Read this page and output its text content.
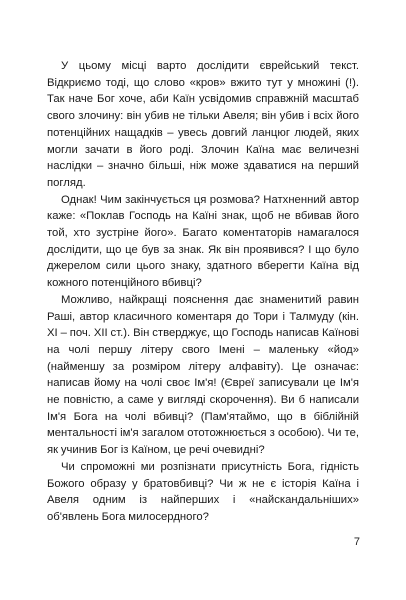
У цьому місці варто дослідити єврейський текст. Відкриємо тоді, що слово «кров» вжито тут у множині (!). Так наче Бог хоче, аби Каїн усвідомив справжній масштаб свого злочину: він убив не тільки Авеля; він убив і всіх його потенційних нащадків – увесь довгий ланцюг людей, яких могли зачати в його роді. Злочин Каїна має величезні наслідки – значно більші, ніж може здаватися на перший погляд.

Однак! Чим закінчується ця розмова? Натхненний автор каже: «Поклав Господь на Каїні знак, щоб не вбивав його той, хто зустріне його». Багато коментаторів намагалося дослідити, що це був за знак. Як він проявився? І що було джерелом сили цього знаку, здатного вберегти Каїна від кожного потенційного вбивці?

Можливо, найкращі пояснення дає знаменитий равин Раші, автор класичного коментаря до Тори і Талмуду (кін. XI – поч. XII ст.). Він стверджує, що Господь написав Каїнові на чолі першу літеру свого Імені – маленьку «йод» (найменшу за розміром літеру алфавіту). Це означає: написав йому на чолі своє Ім'я! (Євреї записували це Ім'я не повністю, а саме у вигляді скорочення). Ви б написали Ім'я Бога на чолі вбивці? (Пам'ятаймо, що в біблійній ментальності ім'я загалом ототожнюється з особою). Чи те, як учинив Бог із Каїном, це речі очевидні?

Чи спроможні ми розпізнати присутність Бога, гідність Божого образу у братовбивці? Чи ж не є історія Каїна і Авеля одним із найперших і «найскандальніших» об'явлень Бога милосердного?

7
